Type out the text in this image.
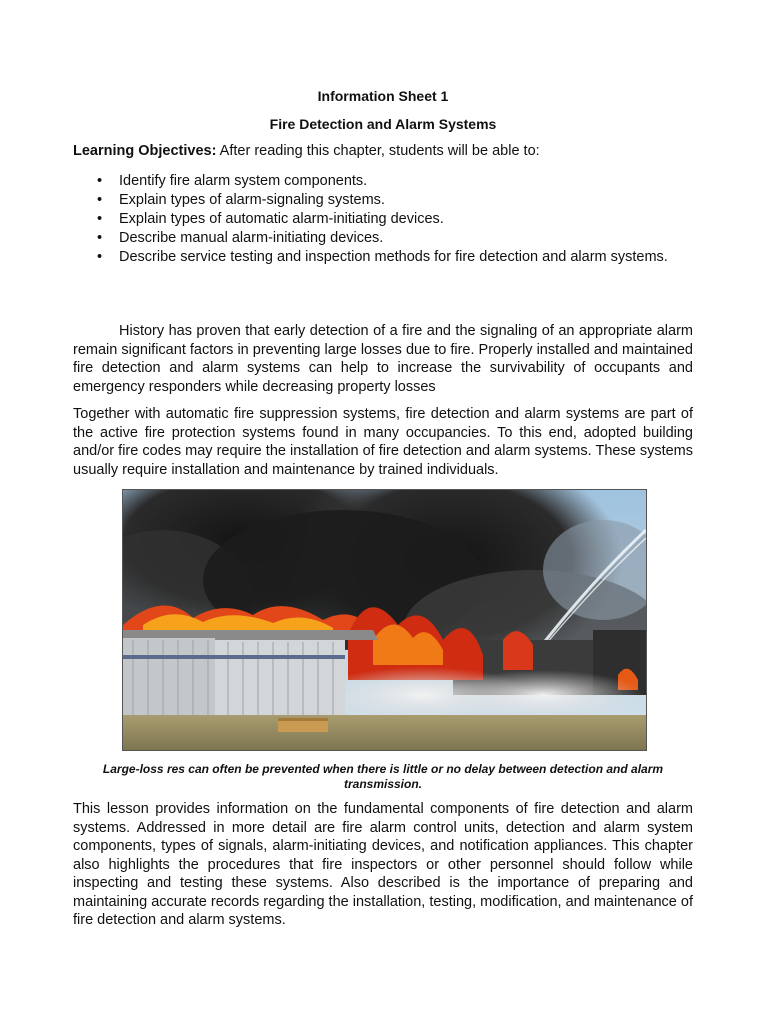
Information Sheet 1
Fire Detection and Alarm Systems
Learning Objectives: After reading this chapter, students will be able to:
• Identify fire alarm system components.
• Explain types of alarm-signaling systems.
• Explain types of automatic alarm-initiating devices.
• Describe manual alarm-initiating devices.
• Describe service testing and inspection methods for fire detection and alarm systems.

History has proven that early detection of a fire and the signaling of an appropriate alarm remain significant factors in preventing large losses due to fire. Properly installed and maintained fire detection and alarm systems can help to increase the survivability of occupants and emergency responders while decreasing property losses

Together with automatic fire suppression systems, fire detection and alarm systems are part of the active fire protection systems found in many occupancies. To this end, adopted building and/or fire codes may require the installation of fire detection and alarm systems. These systems usually require installation and maintenance by trained individuals.

This lesson provides information on the fundamental components of fire detection and alarm systems. Addressed in more detail are fire alarm control units, detection and alarm system components, types of signals, alarm-initiating devices, and notification appliances. This chapter also highlights the procedures that fire inspectors or other personnel should follow while inspecting and testing these systems. Also described is the importance of preparing and maintaining accurate records regarding the installation, testing, modification, and maintenance of fire detection and alarm systems.

Large-loss res can often be prevented when there is little or no delay between detection and alarm transmission.
